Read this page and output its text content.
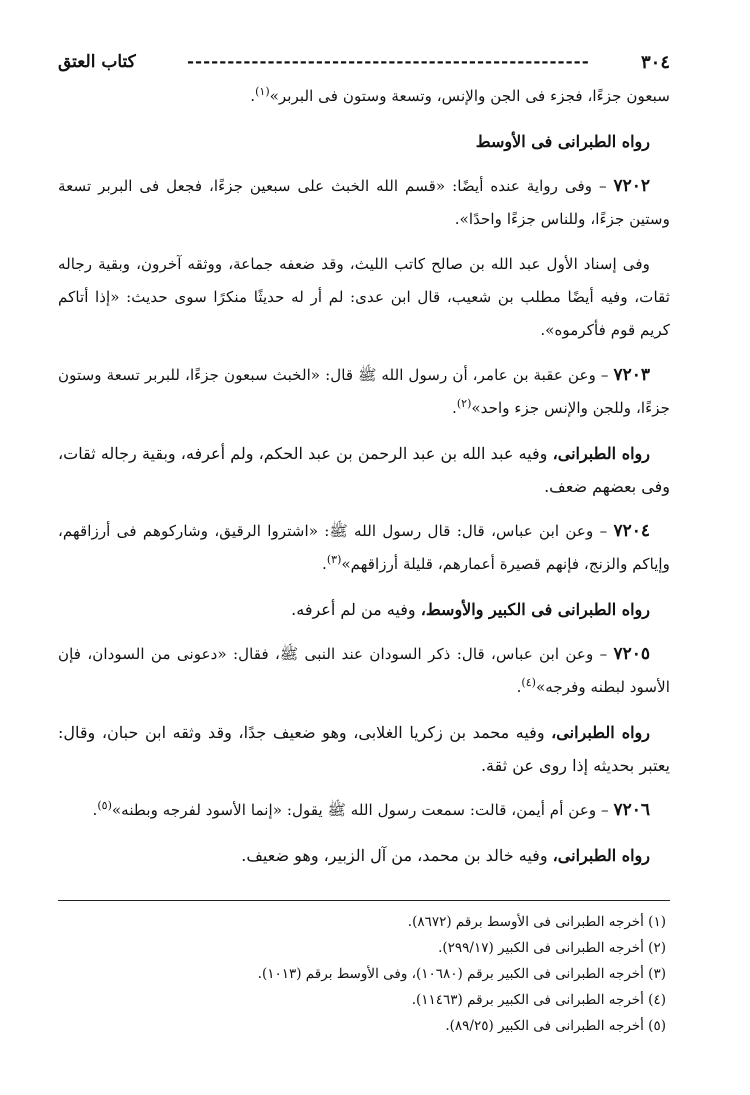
٣٠٤
--------------------------------------------------
كتاب العتق

سبعون جزءًا، فجزء فى الجن والإنس، وتسعة وستون فى البربر»$^{(١)}$.

رواه الطبرانى فى الأوسط

٧٢٠٢ – وفى رواية عنده أيضًا: «قسم الله الخبث على سبعين جزءًا، فجعل فى البربر تسعة وستين جزءًا، وللناس جزءًا واحدًا».

وفى إسناد الأول عبد الله بن صالح كاتب الليث، وقد ضعفه جماعة، ووثقه آخرون، وبقية رجاله ثقات، وفيه أيضًا مطلب بن شعيب، قال ابن عدى: لم أر له حديثًا منكرًا سوى حديث: «إذا أتاكم كريم قوم فأكرموه».

٧٢٠٣ – وعن عقبة بن عامر، أن رسول الله ﷺ قال: «الخبث سبعون جزءًا، للبربر تسعة وستون جزءًا، وللجن والإنس جزء واحد»$^{(٢)}$.

رواه الطبرانى، وفيه عبد الله بن عبد الرحمن بن عبد الحكم، ولم أعرفه، وبقية رجاله ثقات، وفى بعضهم ضعف.

٧٢٠٤ – وعن ابن عباس، قال: قال رسول الله ﷺ: «اشتروا الرقيق، وشاركوهم فى أرزاقهم، وإياكم والزنج، فإنهم قصيرة أعمارهم، قليلة أرزاقهم»$^{(٣)}$.

رواه الطبرانى فى الكبير والأوسط، وفيه من لم أعرفه.

٧٢٠٥ – وعن ابن عباس، قال: ذكر السودان عند النبى ﷺ، فقال: «دعونى من السودان، فإن الأسود لبطنه وفرجه»$^{(٤)}$.

رواه الطبرانى، وفيه محمد بن زكريا الغلابى، وهو ضعيف جدًا، وقد وثقه ابن حبان، وقال: يعتبر بحديثه إذا روى عن ثقة.

٧٢٠٦ – وعن أم أيمن، قالت: سمعت رسول الله ﷺ يقول: «إنما الأسود لفرجه وبطنه»$^{(٥)}$.

رواه الطبرانى، وفيه خالد بن محمد، من آل الزبير، وهو ضعيف.

(١) أخرجه الطبرانى فى الأوسط برقم (٨٦٧٢).

(٢) أخرجه الطبرانى فى الكبير (٢٩٩/١٧).

(٣) أخرجه الطبرانى فى الكبير برقم (١٠٦٨٠)، وفى الأوسط برقم (١٠١٣).

(٤) أخرجه الطبرانى فى الكبير برقم (١١٤٦٣).

(٥) أخرجه الطبرانى فى الكبير (٨٩/٢٥).
